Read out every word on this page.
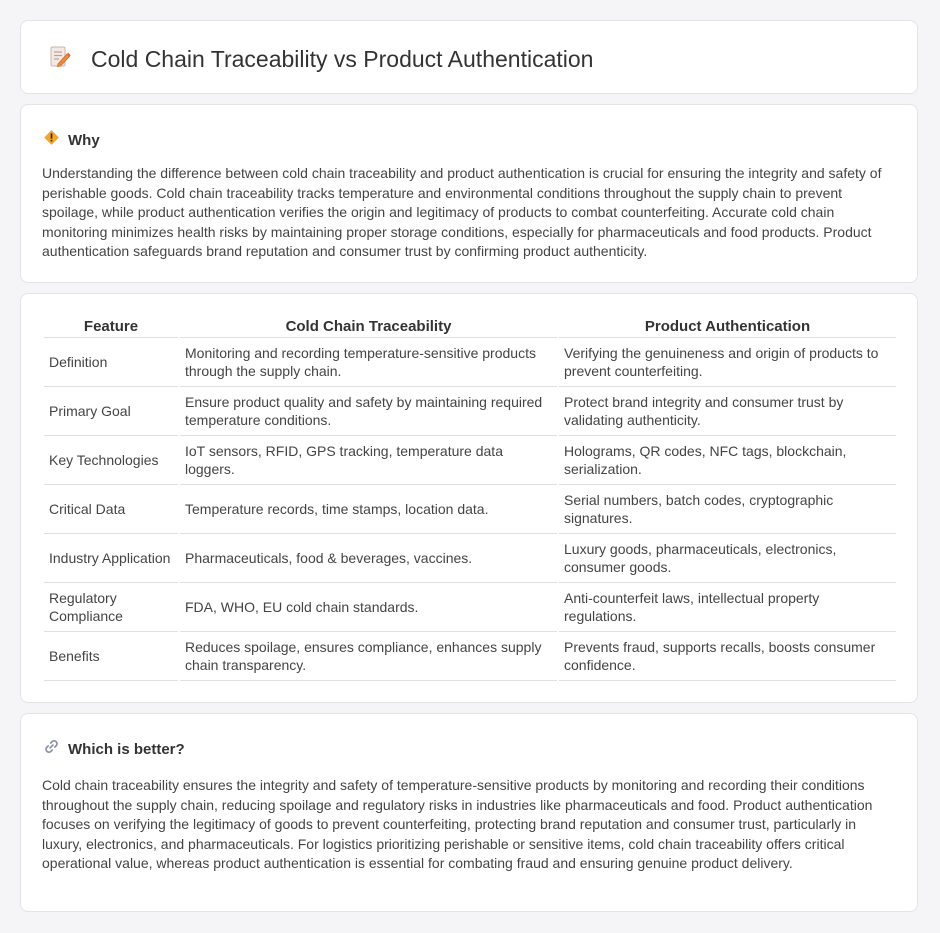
Cold Chain Traceability vs Product Authentication
Why

Understanding the difference between cold chain traceability and product authentication is crucial for ensuring the integrity and safety of perishable goods. Cold chain traceability tracks temperature and environmental conditions throughout the supply chain to prevent spoilage, while product authentication verifies the origin and legitimacy of products to combat counterfeiting. Accurate cold chain monitoring minimizes health risks by maintaining proper storage conditions, especially for pharmaceuticals and food products. Product authentication safeguards brand reputation and consumer trust by confirming product authenticity.

Feature	Cold Chain Traceability	Product Authentication
Definition	Monitoring and recording temperature-sensitive products through the supply chain.	Verifying the genuineness and origin of products to prevent counterfeiting.
Primary Goal	Ensure product quality and safety by maintaining required temperature conditions.	Protect brand integrity and consumer trust by validating authenticity.
Key Technologies	IoT sensors, RFID, GPS tracking, temperature data loggers.	Holograms, QR codes, NFC tags, blockchain, serialization.
Critical Data	Temperature records, time stamps, location data.	Serial numbers, batch codes, cryptographic signatures.
Industry Application	Pharmaceuticals, food & beverages, vaccines.	Luxury goods, pharmaceuticals, electronics, consumer goods.
Regulatory Compliance	FDA, WHO, EU cold chain standards.	Anti-counterfeit laws, intellectual property regulations.
Benefits	Reduces spoilage, ensures compliance, enhances supply chain transparency.	Prevents fraud, supports recalls, boosts consumer confidence.
Which is better?

Cold chain traceability ensures the integrity and safety of temperature-sensitive products by monitoring and recording their conditions throughout the supply chain, reducing spoilage and regulatory risks in industries like pharmaceuticals and food. Product authentication focuses on verifying the legitimacy of goods to prevent counterfeiting, protecting brand reputation and consumer trust, particularly in luxury, electronics, and pharmaceuticals. For logistics prioritizing perishable or sensitive items, cold chain traceability offers critical operational value, whereas product authentication is essential for combating fraud and ensuring genuine product delivery.
